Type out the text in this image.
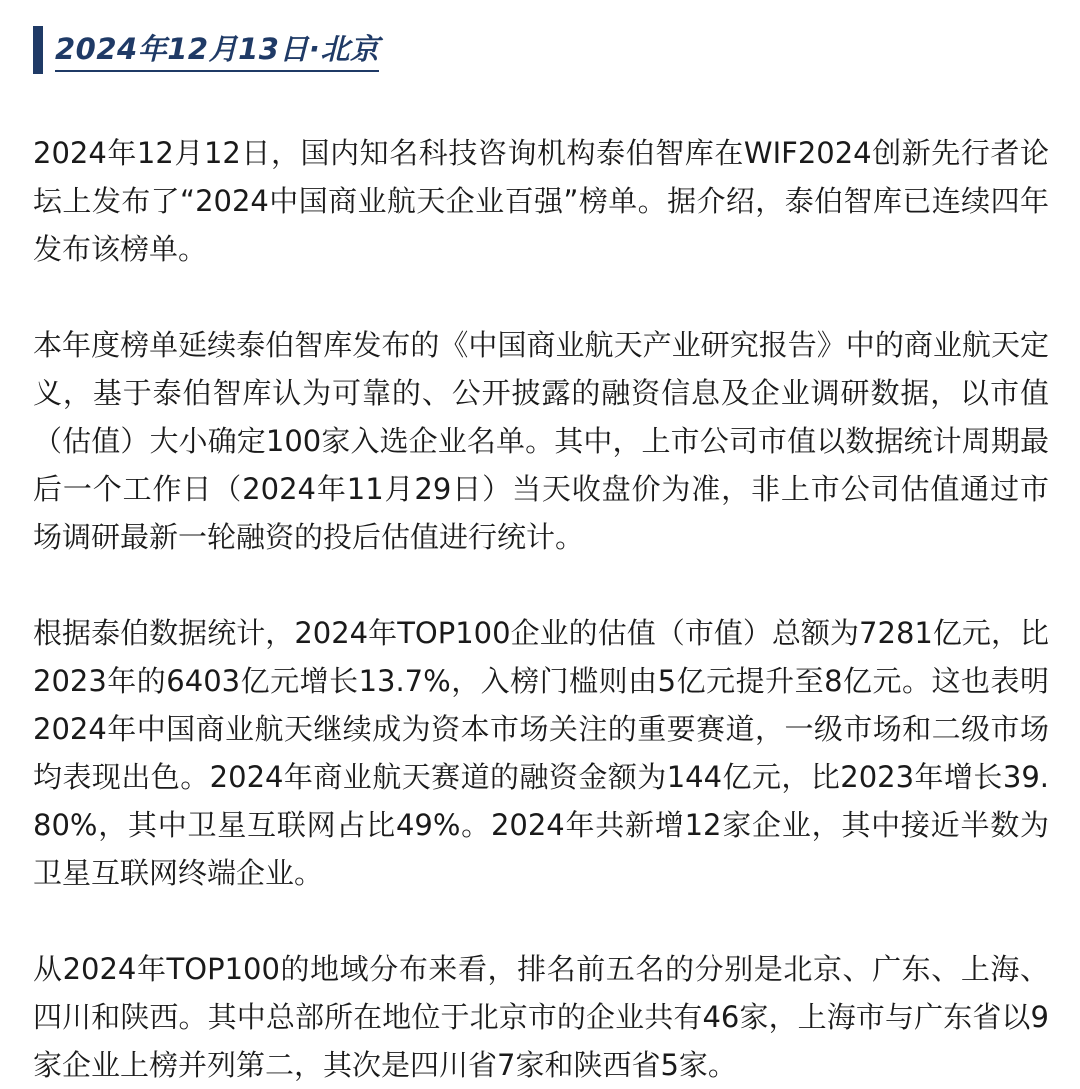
2024年12月13日·北京

2024年12月12日，国内知名科技咨询机构泰伯智库在WIF2024创新先行者论坛上发布了“2024中国商业航天企业百强”榜单。据介绍，泰伯智库已连续四年发布该榜单。

本年度榜单延续泰伯智库发布的《中国商业航天产业研究报告》中的商业航天定义，基于泰伯智库认为可靠的、公开披露的融资信息及企业调研数据，以市值（估值）大小确定100家入选企业名单。其中，上市公司市值以数据统计周期最后一个工作日（2024年11月29日）当天收盘价为准，非上市公司估值通过市场调研最新一轮融资的投后估值进行统计。

根据泰伯数据统计，2024年TOP100企业的估值（市值）总额为7281亿元，比2023年的6403亿元增长13.7%，入榜门槛则由5亿元提升至8亿元。这也表明2024年中国商业航天继续成为资本市场关注的重要赛道，一级市场和二级市场均表现出色。2024年商业航天赛道的融资金额为144亿元，比2023年增长39.80%，其中卫星互联网占比49%。2024年共新增12家企业，其中接近半数为卫星互联网终端企业。

从2024年TOP100的地域分布来看，排名前五名的分别是北京、广东、上海、四川和陕西。其中总部所在地位于北京市的企业共有46家，上海市与广东省以9家企业上榜并列第二，其次是四川省7家和陕西省5家。
